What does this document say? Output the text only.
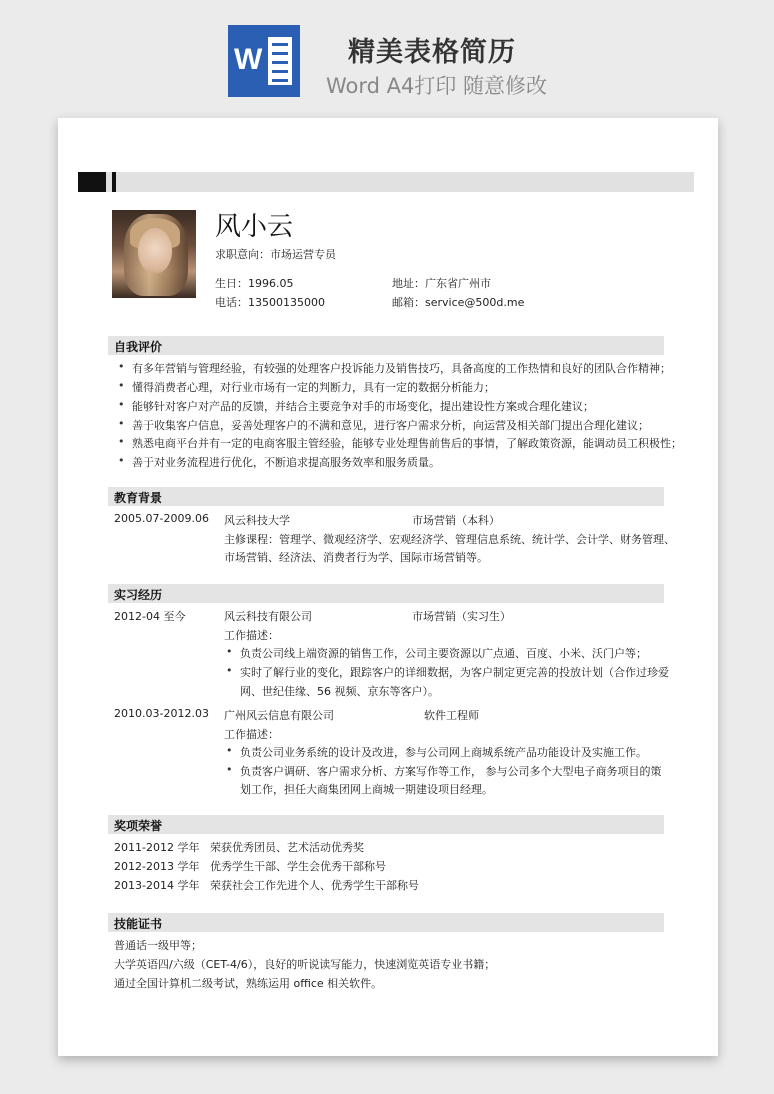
W	精美表格简历
Word A4打印 随意修改
风小云
求职意向：市场运营专员
生日：1996.05	地址：广东省广州市
电话：13500135000	邮箱：service@500d.me
自我评价
• 有多年营销与管理经验，有较强的处理客户投诉能力及销售技巧，具备高度的工作热情和良好的团队合作精神；
• 懂得消费者心理，对行业市场有一定的判断力，具有一定的数据分析能力；
• 能够针对客户对产品的反馈，并结合主要竞争对手的市场变化，提出建设性方案或合理化建议；
• 善于收集客户信息，妥善处理客户的不满和意见，进行客户需求分析，向运营及相关部门提出合理化建议；
• 熟悉电商平台并有一定的电商客服主管经验，能够专业处理售前售后的事情，了解政策资源，能调动员工积极性；
• 善于对业务流程进行优化，不断追求提高服务效率和服务质量。
教育背景
2005.07-2009.06 风云科技大学	市场营销（本科）
主修课程：管理学、微观经济学、宏观经济学、管理信息系统、统计学、会计学、财务管理、
市场营销、经济法、消费者行为学、国际市场营销等。
实习经历
2012-04 至今	风云科技有限公司	市场营销（实习生）
工作描述：
• 负责公司线上端资源的销售工作，公司主要资源以广点通、百度、小米、沃门户等；
• 实时了解行业的变化，跟踪客户的详细数据，为客户制定更完善的投放计划（合作过珍爱
网、世纪佳缘、56 视频、京东等客户）。
2010.03-2012.03 广州风云信息有限公司	软件工程师
工作描述：
• 负责公司业务系统的设计及改进，参与公司网上商城系统产品功能设计及实施工作。
• 负责客户调研、客户需求分析、方案写作等工作， 参与公司多个大型电子商务项目的策
划工作，担任大商集团网上商城一期建设项目经理。
奖项荣誉
2011-2012 学年   荣获优秀团员、艺术活动优秀奖
2012-2013 学年   优秀学生干部、学生会优秀干部称号
2013-2014 学年   荣获社会工作先进个人、优秀学生干部称号
技能证书
普通话一级甲等；
大学英语四/六级（CET-4/6），良好的听说读写能力，快速浏览英语专业书籍；
通过全国计算机二级考试，熟练运用 office 相关软件。
